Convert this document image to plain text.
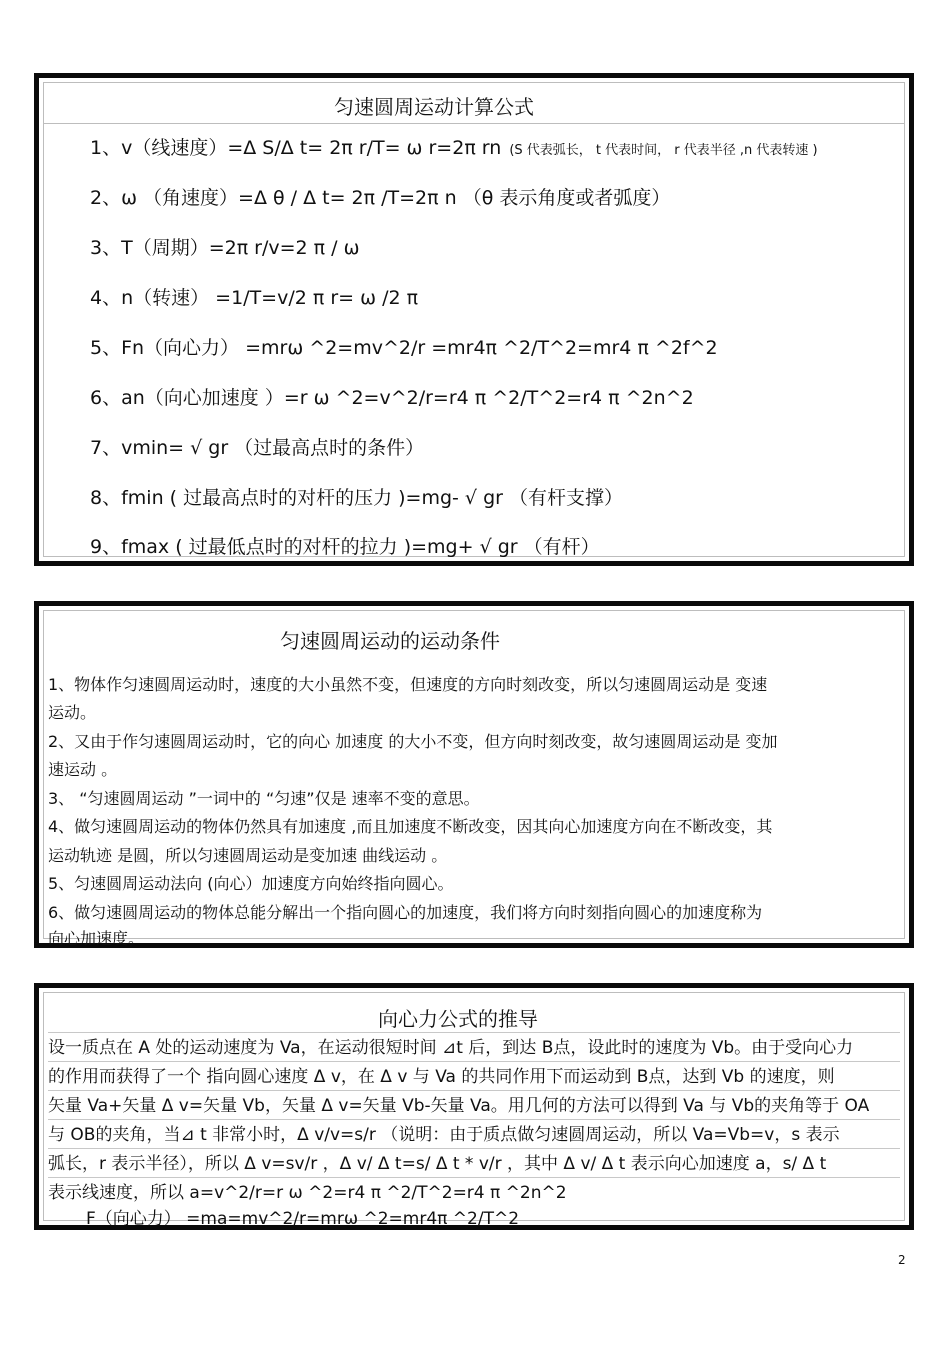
匀速圆周运动计算公式
1、v（线速度）=Δ S/Δ t= 2π r/T= ω r=2π rn (S 代表弧长， t 代表时间， r 代表半径 ,n 代表转速 )
2、ω （角速度）=Δ θ / Δ t= 2π /T=2π n （θ 表示角度或者弧度）
3、T（周期）=2π r/v=2 π / ω
4、n（转速） =1/T=v/2 π r= ω /2 π
5、Fn（向心力） =mrω ^2=mv^2/r =mr4π ^2/T^2=mr4 π ^2f^2
6、an（向心加速度 ）=r ω ^2=v^2/r=r4 π ^2/T^2=r4 π ^2n^2
7、vmin= √ gr （过最高点时的条件）
8、fmin ( 过最高点时的对杆的压力 )=mg- √ gr （有杆支撑）
9、fmax ( 过最低点时的对杆的拉力 )=mg+ √ gr （有杆）
匀速圆周运动的运动条件
1、物体作匀速圆周运动时，速度的大小虽然不变，但速度的方向时刻改变，所以匀速圆周运动是 变速
运动。
2、又由于作匀速圆周运动时，它的向心 加速度 的大小不变，但方向时刻改变，故匀速圆周运动是 变加
速运动 。
3、 “匀速圆周运动 ”一词中的 “匀速”仅是 速率不变的意思。
4、做匀速圆周运动的物体仍然具有加速度 ,而且加速度不断改变，因其向心加速度方向在不断改变，其
运动轨迹 是圆，所以匀速圆周运动是变加速 曲线运动 。
5、匀速圆周运动法向 (向心）加速度方向始终指向圆心。
6、做匀速圆周运动的物体总能分解出一个指向圆心的加速度，我们将方向时刻指向圆心的加速度称为
向心加速度。
向心力公式的推导
设一质点在 A 处的运动速度为 Va，在运动很短时间 ⊿t 后，到达 B点，设此时的速度为 Vb。由于受向心力
的作用而获得了一个 指向圆心速度 Δ v，在 Δ v 与 Va 的共同作用下而运动到 B点，达到 Vb 的速度，则
矢量 Va+矢量 Δ v=矢量 Vb，矢量 Δ v=矢量 Vb-矢量 Va。用几何的方法可以得到 Va 与 Vb的夹角等于 OA
与 OB的夹角，当⊿ t 非常小时，Δ v/v=s/r （说明：由于质点做匀速圆周运动，所以 Va=Vb=v，s 表示
弧长，r 表示半径），所以 Δ v=sv/r ，Δ v/ Δ t=s/ Δ t * v/r ，其中 Δ v/ Δ t 表示向心加速度 a，s/ Δ t
表示线速度，所以 a=v^2/r=r ω ^2=r4 π ^2/T^2=r4 π ^2n^2
F（向心力） =ma=mv^2/r=mrω ^2=mr4π ^2/T^2
2
